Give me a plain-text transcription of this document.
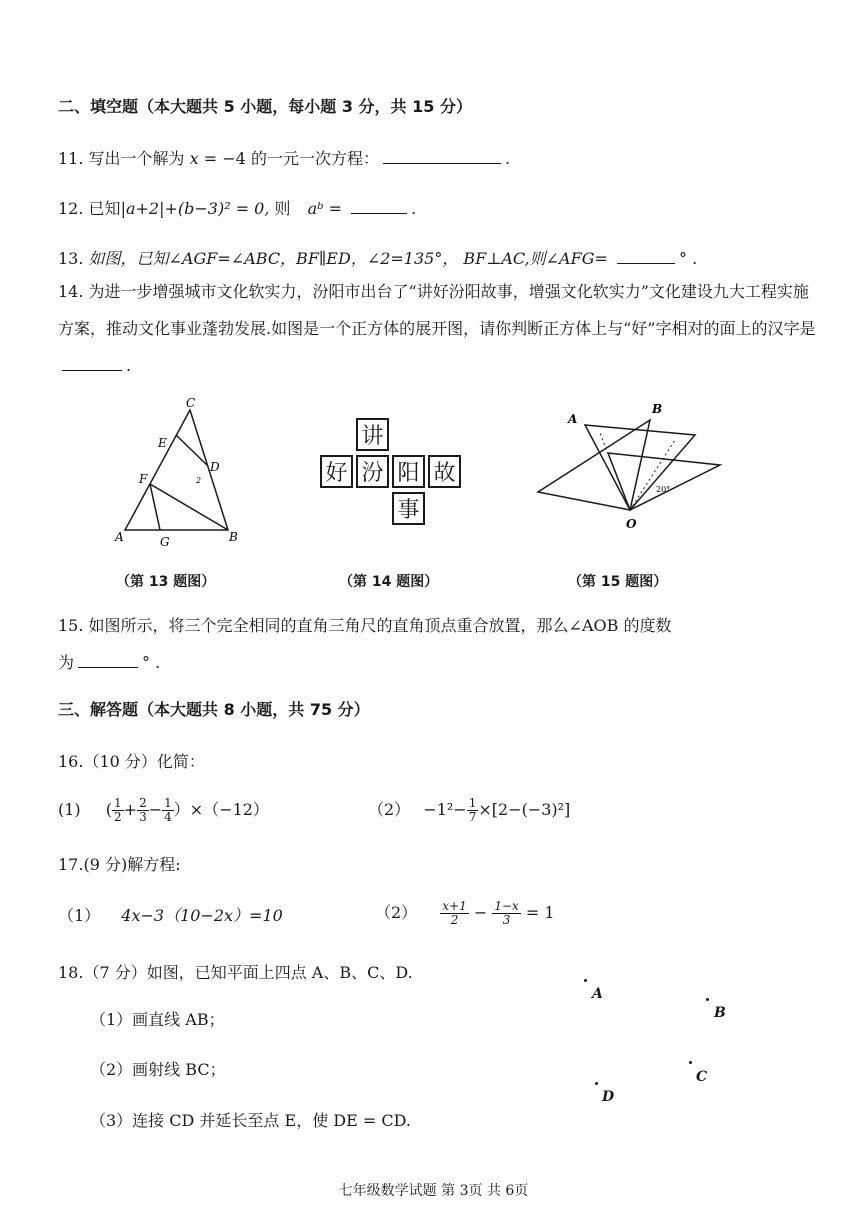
二、填空题（本大题共 5 小题，每小题 3 分，共 15 分）
11. 写出一个解为 x = −4 的一元一次方程：	.
12. 已知|a+2|+(b−3)² = 0, 则 aᵇ =	.
13. 如图，已知∠AGF=∠ABC，BF∥ED，∠2=135°， BF⊥AC,则∠AFG=	° .
14. 为进一步增强城市文化软实力，汾阳市出台了“讲好汾阳故事，增强文化软实力”文化建设九大工程实施方案，推动文化事业蓬勃发展.如图是一个正方体的展开图，请你判断正方体上与“好”字相对的面上的汉字是.
C
E
D
F
A	G	B
2
（第 13 题图）
讲
好 汾 阳 故
事
（第 14 题图）
A
B
O
20°
（第 15 题图）
15. 如图所示，将三个完全相同的直角三角尺的直角顶点重合放置，那么∠AOB 的度数
为	° .
三、解答题（本大题共 8 小题，共 75 分）
16.（10 分）化简：
(1) ( $\frac{1}{2} + \frac{2}{3} - \frac{1}{4} )\times(-12)$	$(2) -1^2- \frac{1}{7} \times[2-(-3)^2]$
17.(9 分)解方程:
（1） 4x−3（10−2x）=10	$(2) \frac{x+1}{2} - \frac{1-x}{3} = 1$
18.（7 分）如图，已知平面上四点 A、B、C、D.
（1）画直线 AB；
（2）画射线 BC；
（3）连接 CD 并延长至点 E，使 DE = CD.
A
B
C
D
七年级数学试题 第 3页 共 6页
